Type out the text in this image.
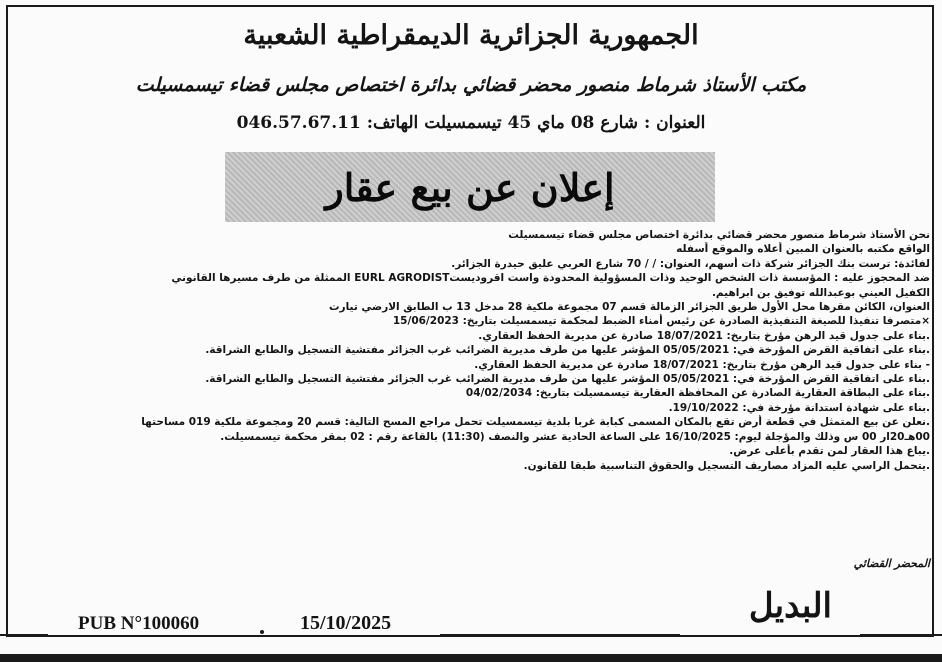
الجمهورية الجزائرية الديمقراطية الشعبية
مكتب الأستاذ شرماط منصور محضر قضائي بدائرة اختصاص مجلس قضاء تيسمسيلت
العنوان : شارع 08 ماي 45 تيسمسيلت الهاتف: 046.57.67.11
إعلان عن بيع عقار
نحن الأستاذ شرماط منصور محضر قضائي بدائرة اختصاص مجلس قضاء تيسمسيلت
الواقع مكتبه بالعنوان المبين أعلاه والموقع أسفله
لفائدة: ترست بنك الجزائر شركة ذات أسهم، العنوان: / / 70 شارع العربي عليق حيدرة الجزائر.
ضد المحجوز عليه : المؤسسة ذات الشخص الوحيد وذات المسؤولية المحدودة واست اقروديستEURL AGRODIST الممثلة من طرف مسيرها القانوني
الكفيل العيني بوعبدالله توفيق بن ابراهيم.
العنوان، الكائن مقرها محل الأول طريق الجزائر الزمالة قسم 07 مجموعة ملكية 28 مدخل 13 ب الطابق الارضي تيارت
×متصرفا تنفيذا للصيغة التنفيذية الصادرة عن رئيس أمناء الضبط لمحكمة تيسمسيلت بتاريخ: 15/06/2023
.بناء على جدول قيد الرهن مؤرخ بتاريخ: 18/07/2021 صادرة عن مديرية الحفظ العقاري.
.بناء على اتفاقية القرض المؤرخة في: 05/05/2021 المؤشر عليها من طرف مديرية الضرائب غرب الجزائر مفتشية التسجيل والطابع الشراقة.
- بناء على جدول قيد الرهن مؤرخ بتاريخ: 18/07/2021 صادرة عن مديرية الحفظ العقاري.
.بناء على اتفاقية القرض المؤرخة في: 05/05/2021 المؤشر عليها من طرف مديرية الضرائب غرب الجزائر مفتشية التسجيل والطابع الشراقة.
.بناء على البطاقة العقارية الصادرة عن المحافظة العقارية تيسمسيلت بتاريخ: 04/02/2034
.بناء على شهادة استدانة مؤرخة في: 19/10/2022.
.نعلن عن بيع المتمثل في قطعة أرض تقع بالمكان المسمى كبابة غربا بلدية تيسمسيلت تحمل مراجع المسح التالية: قسم 20 ومجموعة ملكية 019 مساحتها
00هـ20ار 00 س وذلك والمؤجلة ليوم: 16/10/2025 على الساعة الحادية عشر والنصف (11:30) بالقاعة رقم : 02 بمقر محكمة تيسمسيلت.
.يباع هذا العقار لمن تقدم بأعلى عرض.
.يتحمل الراسي عليه المزاد مصاريف التسجيل والحقوق التناسبية طبقا للقانون.
المحضر القضائي
PUB N°100060	15/10/2025	البديل
